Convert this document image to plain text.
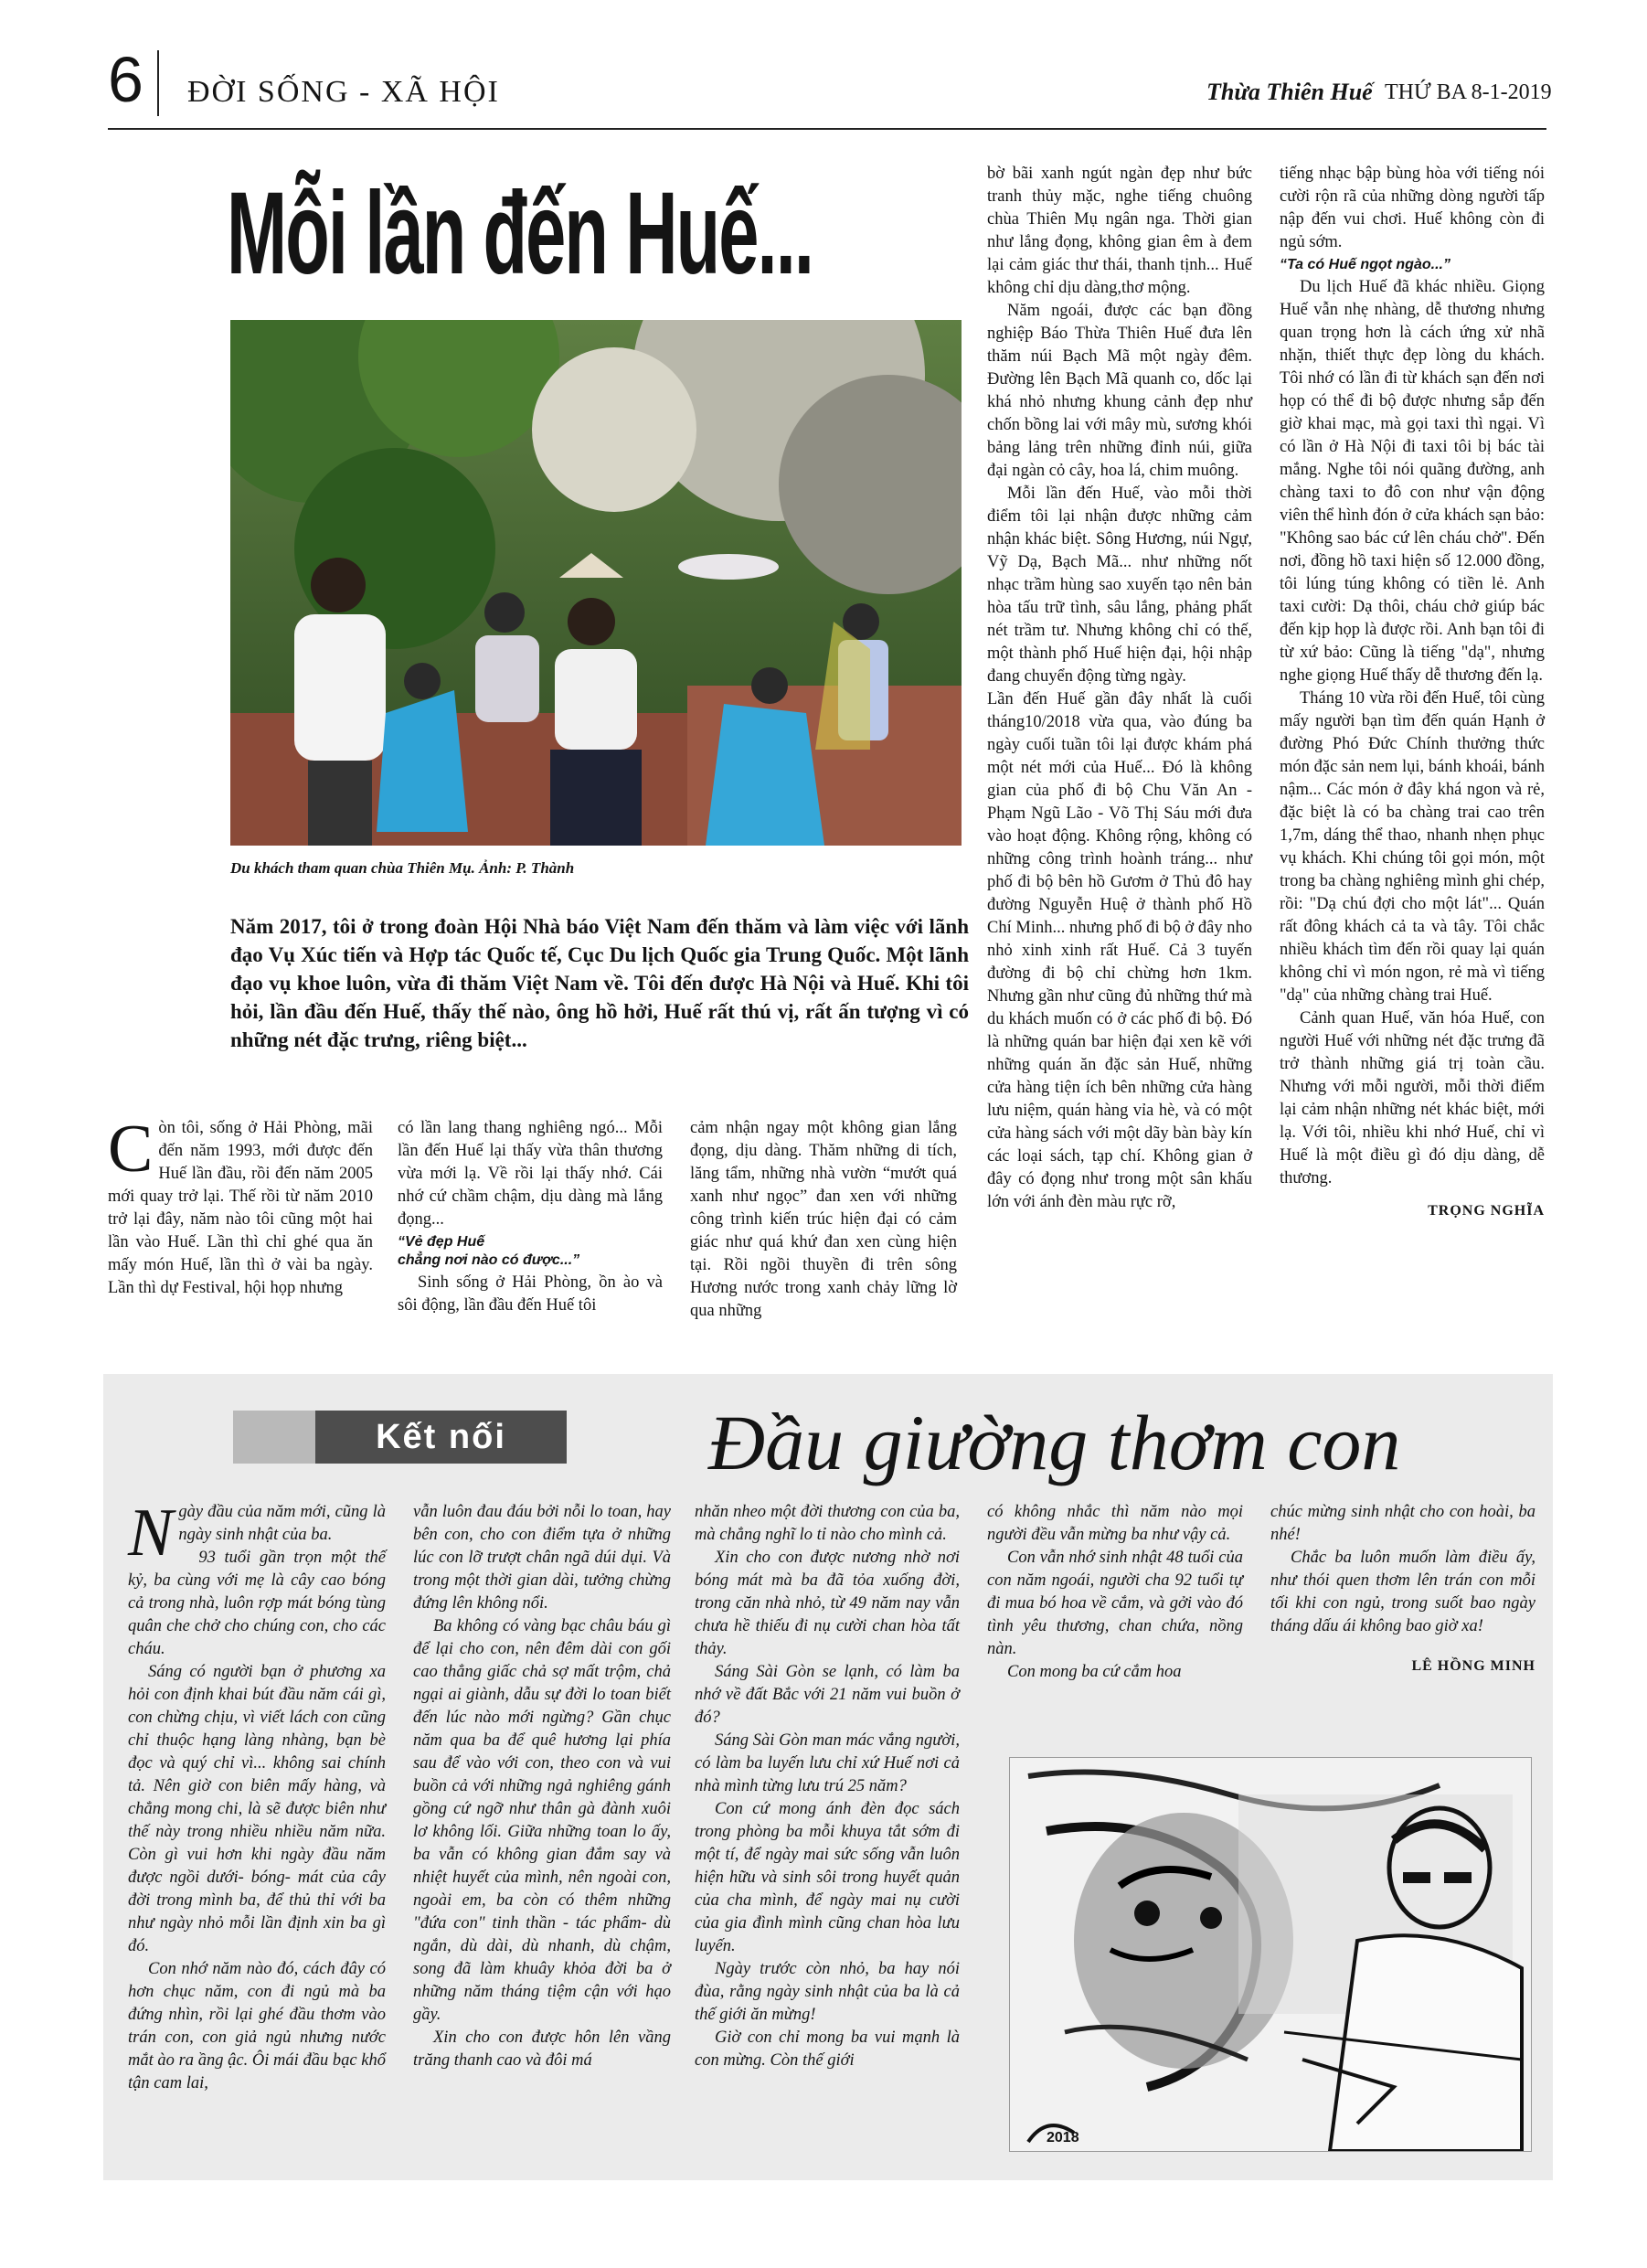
6 ĐỜI SỐNG - XÃ HỘI	Thừa Thiên Huế THỨ BA 8-1-2019
Mỗi lần đến Huế...
Du khách tham quan chùa Thiên Mụ. Ảnh: P. Thành
Năm 2017, tôi ở trong đoàn Hội Nhà báo Việt Nam đến thăm và làm việc với lãnh đạo Vụ Xúc tiến và Hợp tác Quốc tế, Cục Du lịch Quốc gia Trung Quốc. Một lãnh đạo vụ khoe luôn, vừa đi thăm Việt Nam về. Tôi đến được Hà Nội và Huế. Khi tôi hỏi, lần đầu đến Huế, thấy thế nào, ông hồ hởi, Huế rất thú vị, rất ấn tượng vì có những nét đặc trưng, riêng biệt...

Còn tôi, sống ở Hải Phòng, mãi đến năm 1993, mới được đến Huế lần đầu, rồi đến năm 2005 mới quay trở lại. Thế rồi từ năm 2010 trở lại đây, năm nào tôi cũng một hai lần vào Huế. Lần thì chỉ ghé qua ăn mấy món Huế, lần thì ở vài ba ngày. Lần thì dự Festival, hội họp nhưng

có lần lang thang nghiêng ngó... Mỗi lần đến Huế lại thấy vừa thân thương vừa mới lạ. Về rồi lại thấy nhớ. Cái nhớ cứ chầm chậm, dịu dàng mà lắng đọng...

“Vẻ đẹp Huế
chẳng nơi nào có được...”

Sinh sống ở Hải Phòng, ồn ào và sôi động, lần đầu đến Huế tôi

cảm nhận ngay một không gian lắng đọng, dịu dàng. Thăm những di tích, lăng tẩm, những nhà vườn “mướt quá xanh như ngọc” đan xen với những công trình kiến trúc hiện đại có cảm giác như quá khứ đan xen cùng hiện tại. Rồi ngồi thuyền đi trên sông Hương nước trong xanh chảy lững lờ qua những

bờ bãi xanh ngút ngàn đẹp như bức tranh thủy mặc, nghe tiếng chuông chùa Thiên Mụ ngân nga. Thời gian như lắng đọng, không gian êm à đem lại cảm giác thư thái, thanh tịnh... Huế không chỉ dịu dàng,thơ mộng.

Năm ngoái, được các bạn đồng nghiệp Báo Thừa Thiên Huế đưa lên thăm núi Bạch Mã một ngày đêm. Đường lên Bạch Mã quanh co, dốc lại khá nhỏ nhưng khung cảnh đẹp như chốn bồng lai với mây mù, sương khói bảng lảng trên những đỉnh núi, giữa đại ngàn cỏ cây, hoa lá, chim muông.

Mỗi lần đến Huế, vào mỗi thời điểm tôi lại nhận được những cảm nhận khác biệt. Sông Hương, núi Ngự, Vỹ Dạ, Bạch Mã... như những nốt nhạc trầm hùng sao xuyến tạo nên bản hòa tấu trữ tình, sâu lắng, phảng phất nét trầm tư. Nhưng không chỉ có thế, một thành phố Huế hiện đại, hội nhập đang chuyển động từng ngày.

Lần đến Huế gần đây nhất là cuối tháng10/2018 vừa qua, vào đúng ba ngày cuối tuần tôi lại được khám phá một nét mới của Huế... Đó là không gian của phố đi bộ Chu Văn An - Phạm Ngũ Lão - Võ Thị Sáu mới đưa vào hoạt động. Không rộng, không có những công trình hoành tráng... như phố đi bộ bên hồ Gươm ở Thủ đô hay đường Nguyễn Huệ ở thành phố Hồ Chí Minh... nhưng phố đi bộ ở đây nho nhỏ xinh xinh rất Huế. Cả 3 tuyến đường đi bộ chỉ chừng hơn 1km. Nhưng gần như cũng đủ những thứ mà du khách muốn có ở các phố đi bộ. Đó là những quán bar hiện đại xen kẽ với những quán ăn đặc sản Huế, những cửa hàng tiện ích bên những cửa hàng lưu niệm, quán hàng vỉa hè, và có một cửa hàng sách với một dãy bàn bày kín các loại sách, tạp chí. Không gian ở đây có đọng như trong một sân khấu lớn với ánh đèn màu rực rỡ,

tiếng nhạc bập bùng hòa với tiếng nói cười rộn rã của những dòng người tấp nập đến vui chơi. Huế không còn đi ngủ sớm.

“Ta có Huế ngọt ngào...”

Du lịch Huế đã khác nhiều. Giọng Huế vẫn nhẹ nhàng, dễ thương nhưng quan trọng hơn là cách ứng xử nhã nhặn, thiết thực đẹp lòng du khách. Tôi nhớ có lần đi từ khách sạn đến nơi họp có thể đi bộ được nhưng sắp đến giờ khai mạc, mà gọi taxi thì ngại. Vì có lần ở Hà Nội đi taxi tôi bị bác tài mắng. Nghe tôi nói quãng đường, anh chàng taxi to đô con như vận động viên thể hình đón ở cửa khách sạn bảo: "Không sao bác cứ lên cháu chở". Đến nơi, đồng hồ taxi hiện số 12.000 đồng, tôi lúng túng không có tiền lẻ. Anh taxi cười: Dạ thôi, cháu chở giúp bác đến kịp họp là được rồi. Anh bạn tôi đi từ xứ bảo: Cũng là tiếng "dạ", nhưng nghe giọng Huế thấy dễ thương đến lạ.

Tháng 10 vừa rồi đến Huế, tôi cùng mấy người bạn tìm đến quán Hạnh ở đường Phó Đức Chính thưởng thức món đặc sản nem lụi, bánh khoái, bánh nậm... Các món ở đây khá ngon và rẻ, đặc biệt là có ba chàng trai cao trên 1,7m, dáng thể thao, nhanh nhẹn phục vụ khách. Khi chúng tôi gọi món, một trong ba chàng nghiêng mình ghi chép, rồi: "Dạ chú đợi cho một lát"... Quán rất đông khách cả ta và tây. Tôi chắc nhiều khách tìm đến rồi quay lại quán không chỉ vì món ngon, rẻ mà vì tiếng "dạ" của những chàng trai Huế.

Cảnh quan Huế, văn hóa Huế, con người Huế với những nét đặc trưng đã trở thành những giá trị toàn cầu. Nhưng với mỗi người, mỗi thời điểm lại cảm nhận những nét khác biệt, mới lạ. Với tôi, nhiều khi nhớ Huế, chỉ vì Huế là một điều gì đó dịu dàng, dễ thương.

TRỌNG NGHĨA
Kết nối	Đầu giường thơm con

Ngày đầu của năm mới, cũng là ngày sinh nhật của ba.

93 tuổi gần trọn một thế kỷ, ba cùng với mẹ là cây cao bóng cả trong nhà, luôn rợp mát bóng tùng quân che chở cho chúng con, cho các cháu.

Sáng có người bạn ở phương xa hỏi con định khai bút đầu năm cái gì, con chừng chịu, vì viết lách con cũng chỉ thuộc hạng làng nhàng, bạn bè đọc và quý chỉ vì... không sai chính tả. Nên giờ con biên mấy hàng, và chẳng mong chi, là sẽ được biên như thế này trong nhiều nhiều năm nữa. Còn gì vui hơn khi ngày đầu năm được ngồi dưới- bóng- mát của cây đời trong mình ba, để thủ thỉ với ba như ngày nhỏ mỗi lần định xin ba gì đó.

Con nhớ năm nào đó, cách đây có hơn chục năm, con đi ngủ mà ba đứng nhìn, rồi lại ghé đầu thơm vào trán con, con giả ngủ nhưng nước mắt ào ra ầng ậc. Ôi mái đầu bạc khổ tận cam lai,

vẫn luôn đau đáu bởi nỗi lo toan, hay bên con, cho con điểm tựa ở những lúc con lỡ trượt chân ngã dúi dụi. Và trong một thời gian dài, tưởng chừng đứng lên không nổi.

Ba không có vàng bạc châu báu gì để lại cho con, nên đêm dài con gối cao thẳng giấc chả sợ mất trộm, chả ngại ai giành, dẫu sự đời lo toan biết đến lúc nào mới ngừng? Gần chục năm qua ba để quê hương lại phía sau để vào với con, theo con và vui buồn cả với những ngả nghiêng gánh gồng cứ ngỡ như thân gà đành xuôi lơ không lối. Giữa những toan lo ấy, ba vẫn có không gian đắm say và nhiệt huyết của mình, nên ngoài con, ngoài em, ba còn có thêm những "đứa con" tinh thần - tác phẩm- dù ngắn, dù dài, dù nhanh, dù chậm, song đã làm khuây khỏa đời ba ở những năm tháng tiệm cận với hạo gầy.

Xin cho con được hôn lên vầng trăng thanh cao và đôi má

nhăn nheo một đời thương con của ba, mà chẳng nghĩ lo tỉ nào cho mình cả.

Xin cho con được nương nhờ nơi bóng mát mà ba đã tỏa xuống đời, trong căn nhà nhỏ, từ 49 năm nay vẫn chưa hề thiếu đi nụ cười chan hòa tất thảy.

Sáng Sài Gòn se lạnh, có làm ba nhớ về đất Bắc với 21 năm vui buồn ở đó?

Sáng Sài Gòn man mác vắng người, có làm ba luyến lưu chỉ xứ Huế nơi cả nhà mình từng lưu trú 25 năm?

Con cứ mong ánh đèn đọc sách trong phòng ba mỗi khuya tắt sớm đi một tí, để ngày mai sức sống vẫn luôn hiện hữu và sinh sôi trong huyết quản của cha mình, để ngày mai nụ cười của gia đình mình cũng chan hòa lưu luyến.

Ngày trước còn nhỏ, ba hay nói đùa, rằng ngày sinh nhật của ba là cả thế giới ăn mừng!

Giờ con chỉ mong ba vui mạnh là con mừng. Còn thế giới

có không nhắc thì năm nào mọi người đều vẫn mừng ba như vậy cả.

Con vẫn nhớ sinh nhật 48 tuổi của con năm ngoái, người cha 92 tuổi tự đi mua bó hoa về cắm, và gởi vào đó tình yêu thương, chan chứa, nồng nàn.

Con mong ba cứ cắm hoa

chúc mừng sinh nhật cho con hoài, ba nhé!

Chắc ba luôn muốn làm điều ấy, như thói quen thơm lên trán con mỗi tối khi con ngủ, trong suốt bao ngày tháng dấu ái không bao giờ xa!

LÊ HỒNG MINH
2018
